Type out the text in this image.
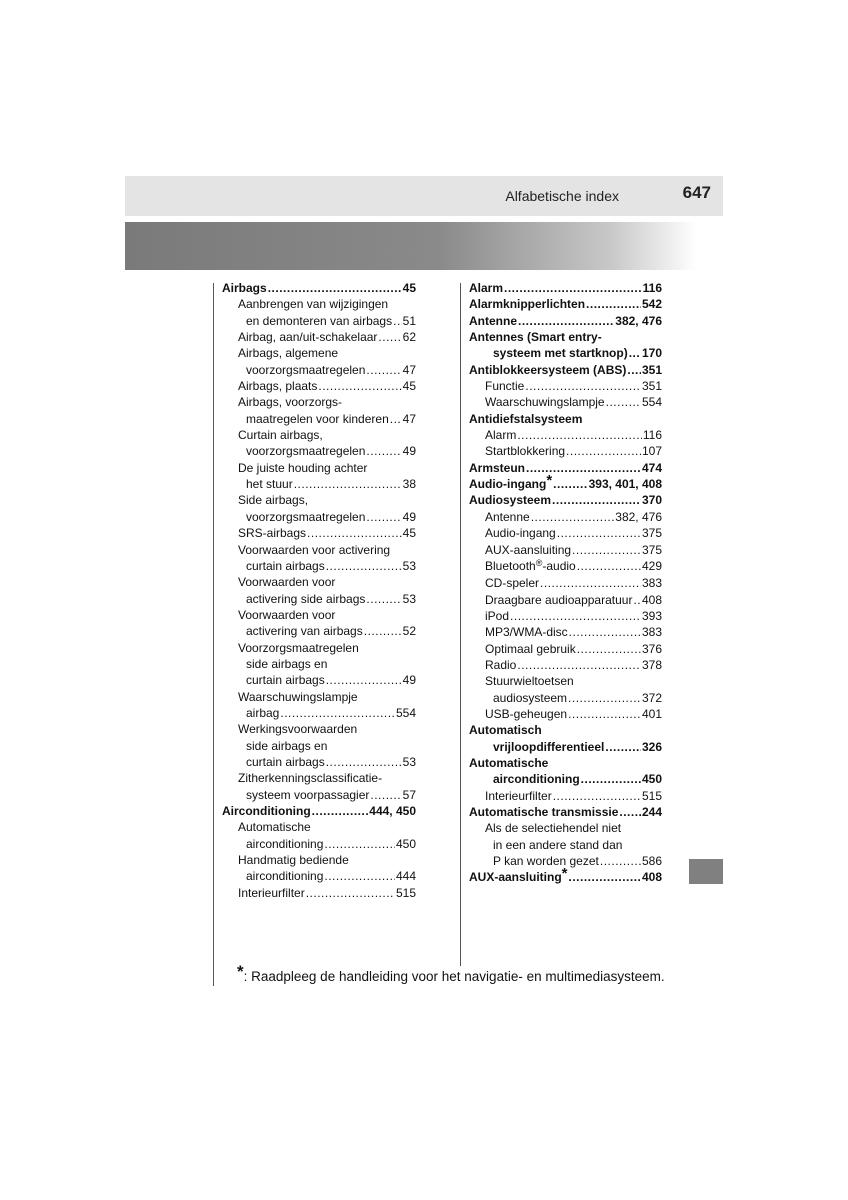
Alfabetische index	647
Airbags .....	45
Aanbrengen van wijzigingen
en demonteren van airbags ..... 51
Airbag, aan/uit-schakelaar ..... 62
Airbags, algemene
voorzorgsmaatregelen .....	47
Airbags, plaats .....	45
Airbags, voorzorgs-
maatregelen voor kinderen ..... 47
Curtain airbags,
voorzorgsmaatregelen .....	49
De juiste houding achter
het stuur .....	38
Side airbags,
voorzorgsmaatregelen .....	49
SRS-airbags .....	45
Voorwaarden voor activering
curtain airbags .....	53
Voorwaarden voor
activering side airbags .....	53
Voorwaarden voor
activering van airbags .....	52
Voorzorgsmaatregelen
side airbags en
curtain airbags .....	49
Waarschuwingslampje
airbag .....	554
Werkingsvoorwaarden
side airbags en
curtain airbags .....	53
Zitherkenningsclassificatie-
systeem voorpassagier .....	57
Airconditioning .....	444, 450
Automatische
airconditioning .....	450
Handmatig bediende
airconditioning .....	444
Interieurfilter .....	515
Alarm .....	116
Alarmknipperlichten .....	542
Antenne .....	382, 476
Antennes (Smart entry-
systeem met startknop) ..... 170
Antiblokkeersysteem (ABS) ..... 351
Functie .....	351
Waarschuwingslampje .....	554
Antidiefstalsysteem
Alarm .....	116
Startblokkering .....	107
Armsteun .....	474
Audio-ingang* .....	393, 401, 408
Audiosysteem .....	370
Antenne .....	382, 476
Audio-ingang .....	375
AUX-aansluiting .....	375
Bluetooth®-audio .....	429
CD-speler .....	383
Draagbare audioapparatuur ..... 408
iPod .....	393
MP3/WMA-disc .....	383
Optimaal gebruik .....	376
Radio .....	378
Stuurwieltoetsen
audiosysteem .....	372
USB-geheugen .....	401
Automatisch
vrijloopdifferentieel .....	326
Automatische
airconditioning .....	450
Interieurfilter .....	515
Automatische transmissie ..... 244
Als de selectiehendel niet
in een andere stand dan
P kan worden gezet .....	586
AUX-aansluiting* .....	408
*: Raadpleeg de handleiding voor het navigatie- en multimediasysteem.
